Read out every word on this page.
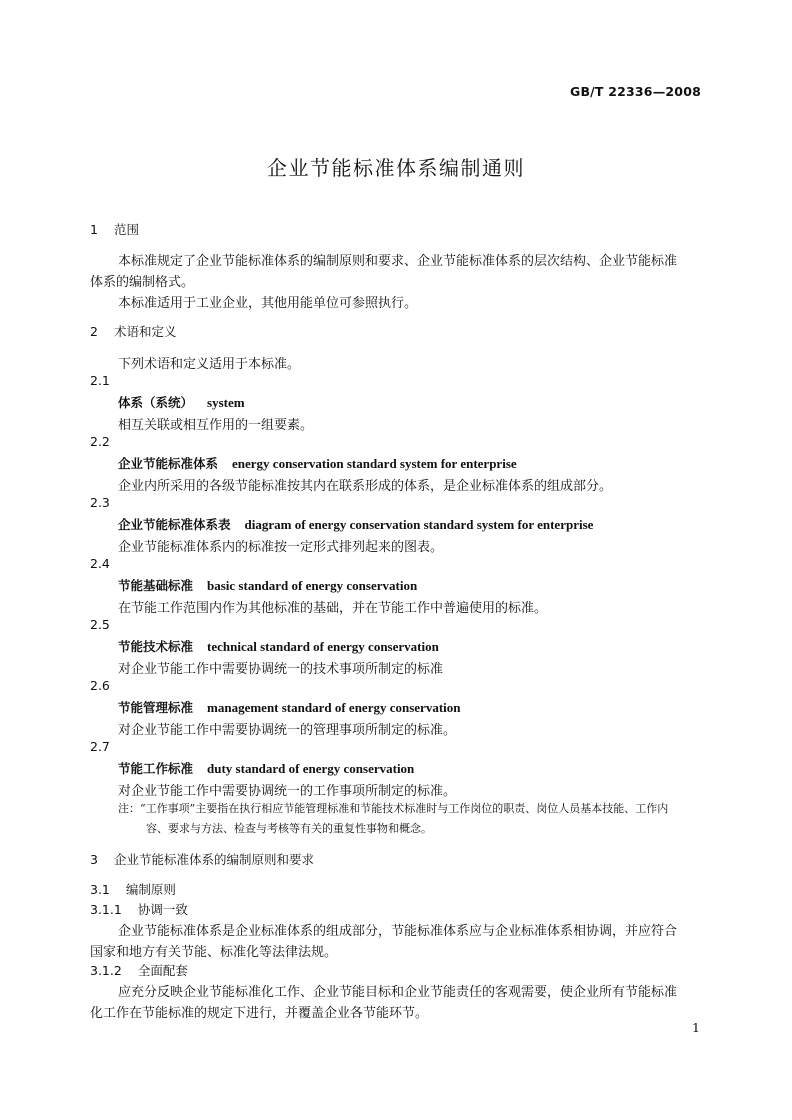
GB/T 22336—2008
企业节能标准体系编制通则
1 范围
本标准规定了企业节能标准体系的编制原则和要求、企业节能标准体系的层次结构、企业节能标准
体系的编制格式。
本标准适用于工业企业，其他用能单位可参照执行。
2 术语和定义
下列术语和定义适用于本标准。
2.1
体系（系统） system
相互关联或相互作用的一组要素。
2.2
企业节能标准体系 energy conservation standard system for enterprise
企业内所采用的各级节能标准按其内在联系形成的体系，是企业标准体系的组成部分。
2.3
企业节能标准体系表 diagram of energy conservation standard system for enterprise
企业节能标准体系内的标准按一定形式排列起来的图表。
2.4
节能基础标准 basic standard of energy conservation
在节能工作范围内作为其他标准的基础，并在节能工作中普遍使用的标准。
2.5
节能技术标准 technical standard of energy conservation
对企业节能工作中需要协调统一的技术事项所制定的标准
2.6
节能管理标准 management standard of energy conservation
对企业节能工作中需要协调统一的管理事项所制定的标准。
2.7
节能工作标准 duty standard of energy conservation
对企业节能工作中需要协调统一的工作事项所制定的标准。
注：“工作事项”主要指在执行相应节能管理标准和节能技术标准时与工作岗位的职责、岗位人员基本技能、工作内
容、要求与方法、检查与考核等有关的重复性事物和概念。
3 企业节能标准体系的编制原则和要求
3.1 编制原则
3.1.1 协调一致
企业节能标准体系是企业标准体系的组成部分，节能标准体系应与企业标准体系相协调，并应符合
国家和地方有关节能、标准化等法律法规。
3.1.2 全面配套
应充分反映企业节能标准化工作、企业节能目标和企业节能责任的客观需要，使企业所有节能标准
化工作在节能标准的规定下进行，并覆盖企业各节能环节。
1
